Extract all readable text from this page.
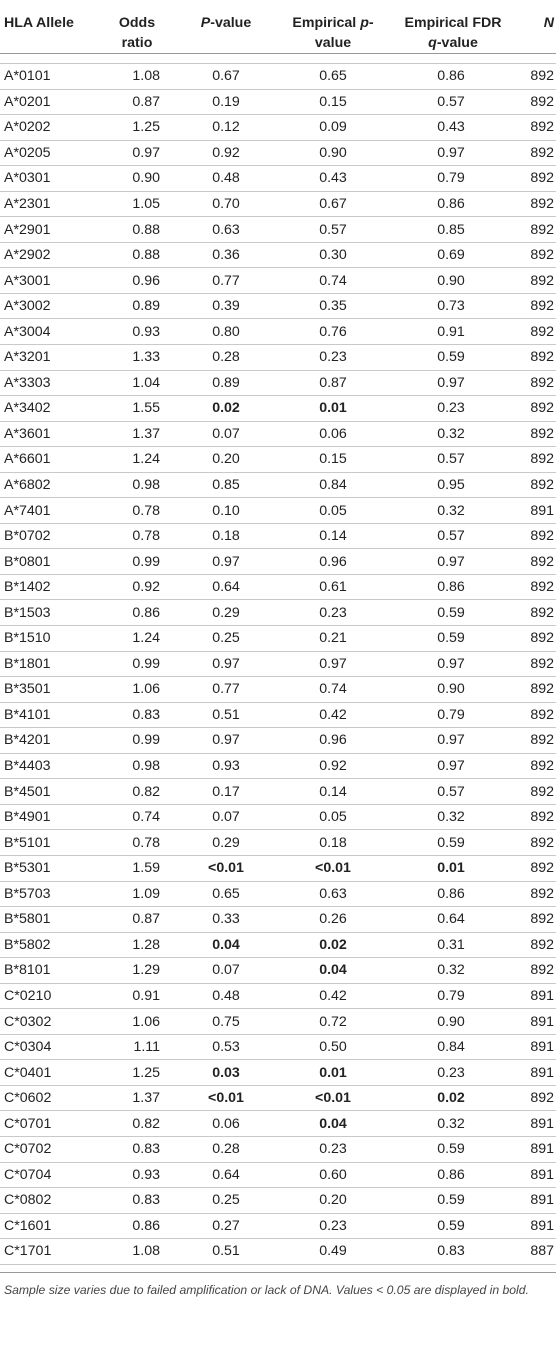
HLA Allele	Odds ratio	P-value	Empirical p-value	Empirical FDR q-value	N

A*0101	1.08	0.67	0.65	0.86	892
A*0201	0.87	0.19	0.15	0.57	892
A*0202	1.25	0.12	0.09	0.43	892
A*0205	0.97	0.92	0.90	0.97	892
A*0301	0.90	0.48	0.43	0.79	892
A*2301	1.05	0.70	0.67	0.86	892
A*2901	0.88	0.63	0.57	0.85	892
A*2902	0.88	0.36	0.30	0.69	892
A*3001	0.96	0.77	0.74	0.90	892
A*3002	0.89	0.39	0.35	0.73	892
A*3004	0.93	0.80	0.76	0.91	892
A*3201	1.33	0.28	0.23	0.59	892
A*3303	1.04	0.89	0.87	0.97	892
A*3402	1.55	0.02	0.01	0.23	892
A*3601	1.37	0.07	0.06	0.32	892
A*6601	1.24	0.20	0.15	0.57	892
A*6802	0.98	0.85	0.84	0.95	892
A*7401	0.78	0.10	0.05	0.32	891
B*0702	0.78	0.18	0.14	0.57	892
B*0801	0.99	0.97	0.96	0.97	892
B*1402	0.92	0.64	0.61	0.86	892
B*1503	0.86	0.29	0.23	0.59	892
B*1510	1.24	0.25	0.21	0.59	892
B*1801	0.99	0.97	0.97	0.97	892
B*3501	1.06	0.77	0.74	0.90	892
B*4101	0.83	0.51	0.42	0.79	892
B*4201	0.99	0.97	0.96	0.97	892
B*4403	0.98	0.93	0.92	0.97	892
B*4501	0.82	0.17	0.14	0.57	892
B*4901	0.74	0.07	0.05	0.32	892
B*5101	0.78	0.29	0.18	0.59	892
B*5301	1.59	<0.01	<0.01	0.01	892
B*5703	1.09	0.65	0.63	0.86	892
B*5801	0.87	0.33	0.26	0.64	892
B*5802	1.28	0.04	0.02	0.31	892
B*8101	1.29	0.07	0.04	0.32	892
C*0210	0.91	0.48	0.42	0.79	891
C*0302	1.06	0.75	0.72	0.90	891
C*0304	1.11	0.53	0.50	0.84	891
C*0401	1.25	0.03	0.01	0.23	891
C*0602	1.37	<0.01	<0.01	0.02	892
C*0701	0.82	0.06	0.04	0.32	891
C*0702	0.83	0.28	0.23	0.59	891
C*0704	0.93	0.64	0.60	0.86	891
C*0802	0.83	0.25	0.20	0.59	891
C*1601	0.86	0.27	0.23	0.59	891
C*1701	1.08	0.51	0.49	0.83	887
Sample size varies due to failed amplification or lack of DNA. Values < 0.05 are displayed in bold.
